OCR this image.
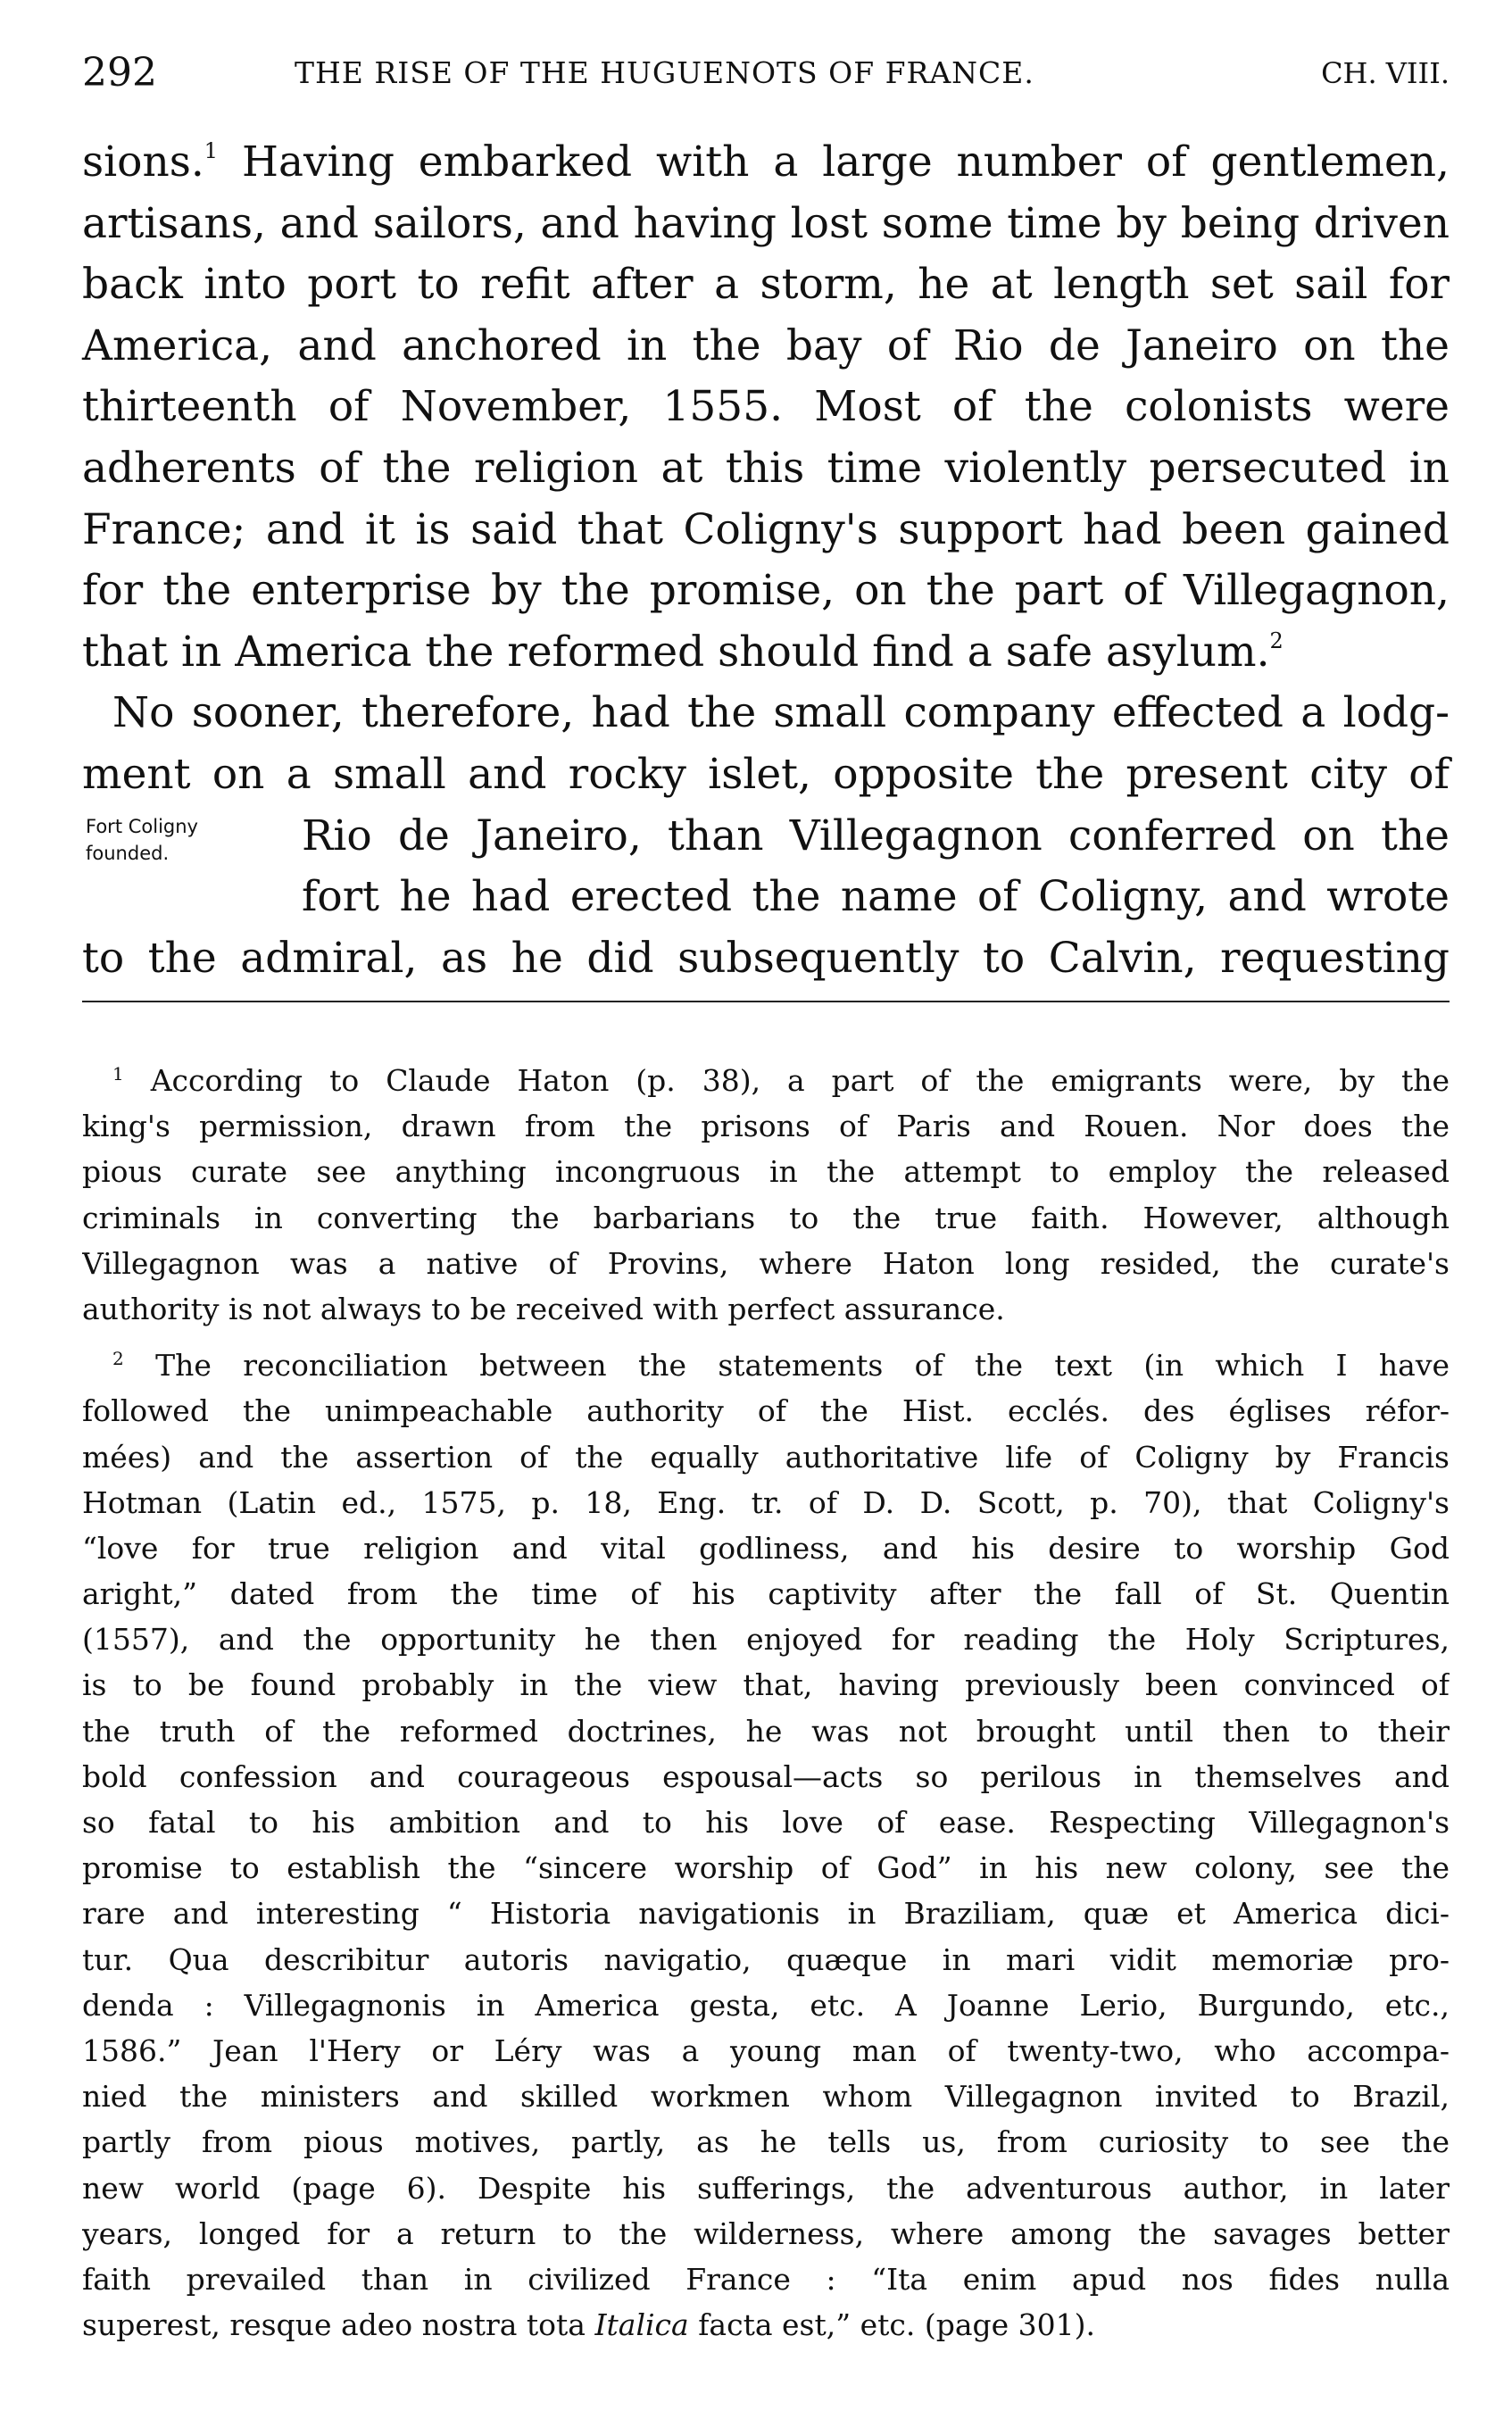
292	THE RISE OF THE HUGUENOTS OF FRANCE.	CH. VIII.
sions.$^1$ Having embarked with a large number of gentlemen,
artisans, and sailors, and having lost some time by being driven
back into port to refit after a storm, he at length set sail for
America, and anchored in the bay of Rio de Janeiro on the
thirteenth of November, 1555. Most of the colonists were
adherents of the religion at this time violently persecuted in
France; and it is said that Coligny's support had been gained
for the enterprise by the promise, on the part of Villegagnon,
that in America the reformed should find a safe asylum.$^2$
No sooner, therefore, had the small company effected a lodg-
ment on a small and rocky islet, opposite the present city of
Rio de Janeiro, than Villegagnon conferred on the
fort he had erected the name of Coligny, and wrote
to the admiral, as he did subsequently to Calvin, requesting
Fort Coligny
founded.
$^1$ According to Claude Haton (p. 38), a part of the emigrants were, by the
king's permission, drawn from the prisons of Paris and Rouen. Nor does the
pious curate see anything incongruous in the attempt to employ the released
criminals in converting the barbarians to the true faith. However, although
Villegagnon was a native of Provins, where Haton long resided, the curate's
authority is not always to be received with perfect assurance.
$^2$ The reconciliation between the statements of the text (in which I have
followed the unimpeachable authority of the Hist. ecclés. des églises réfor-
mées) and the assertion of the equally authoritative life of Coligny by Francis
Hotman (Latin ed., 1575, p. 18, Eng. tr. of D. D. Scott, p. 70), that Coligny's
“love for true religion and vital godliness, and his desire to worship God
aright,” dated from the time of his captivity after the fall of St. Quentin
(1557), and the opportunity he then enjoyed for reading the Holy Scriptures,
is to be found probably in the view that, having previously been convinced of
the truth of the reformed doctrines, he was not brought until then to their
bold confession and courageous espousal—acts so perilous in themselves and
so fatal to his ambition and to his love of ease. Respecting Villegagnon's
promise to establish the “sincere worship of God” in his new colony, see the
rare and interesting “ Historia navigationis in Braziliam, quæ et America dici-
tur. Qua describitur autoris navigatio, quæque in mari vidit memoriæ pro-
denda : Villegagnonis in America gesta, etc. A Joanne Lerio, Burgundo, etc.,
1586.” Jean l'Hery or Léry was a young man of twenty-two, who accompa-
nied the ministers and skilled workmen whom Villegagnon invited to Brazil,
partly from pious motives, partly, as he tells us, from curiosity to see the
new world (page 6). Despite his sufferings, the adventurous author, in later
years, longed for a return to the wilderness, where among the savages better
faith prevailed than in civilized France : “Ita enim apud nos fides nulla
superest, resque adeo nostra tota Italica facta est,” etc. (page 301).
